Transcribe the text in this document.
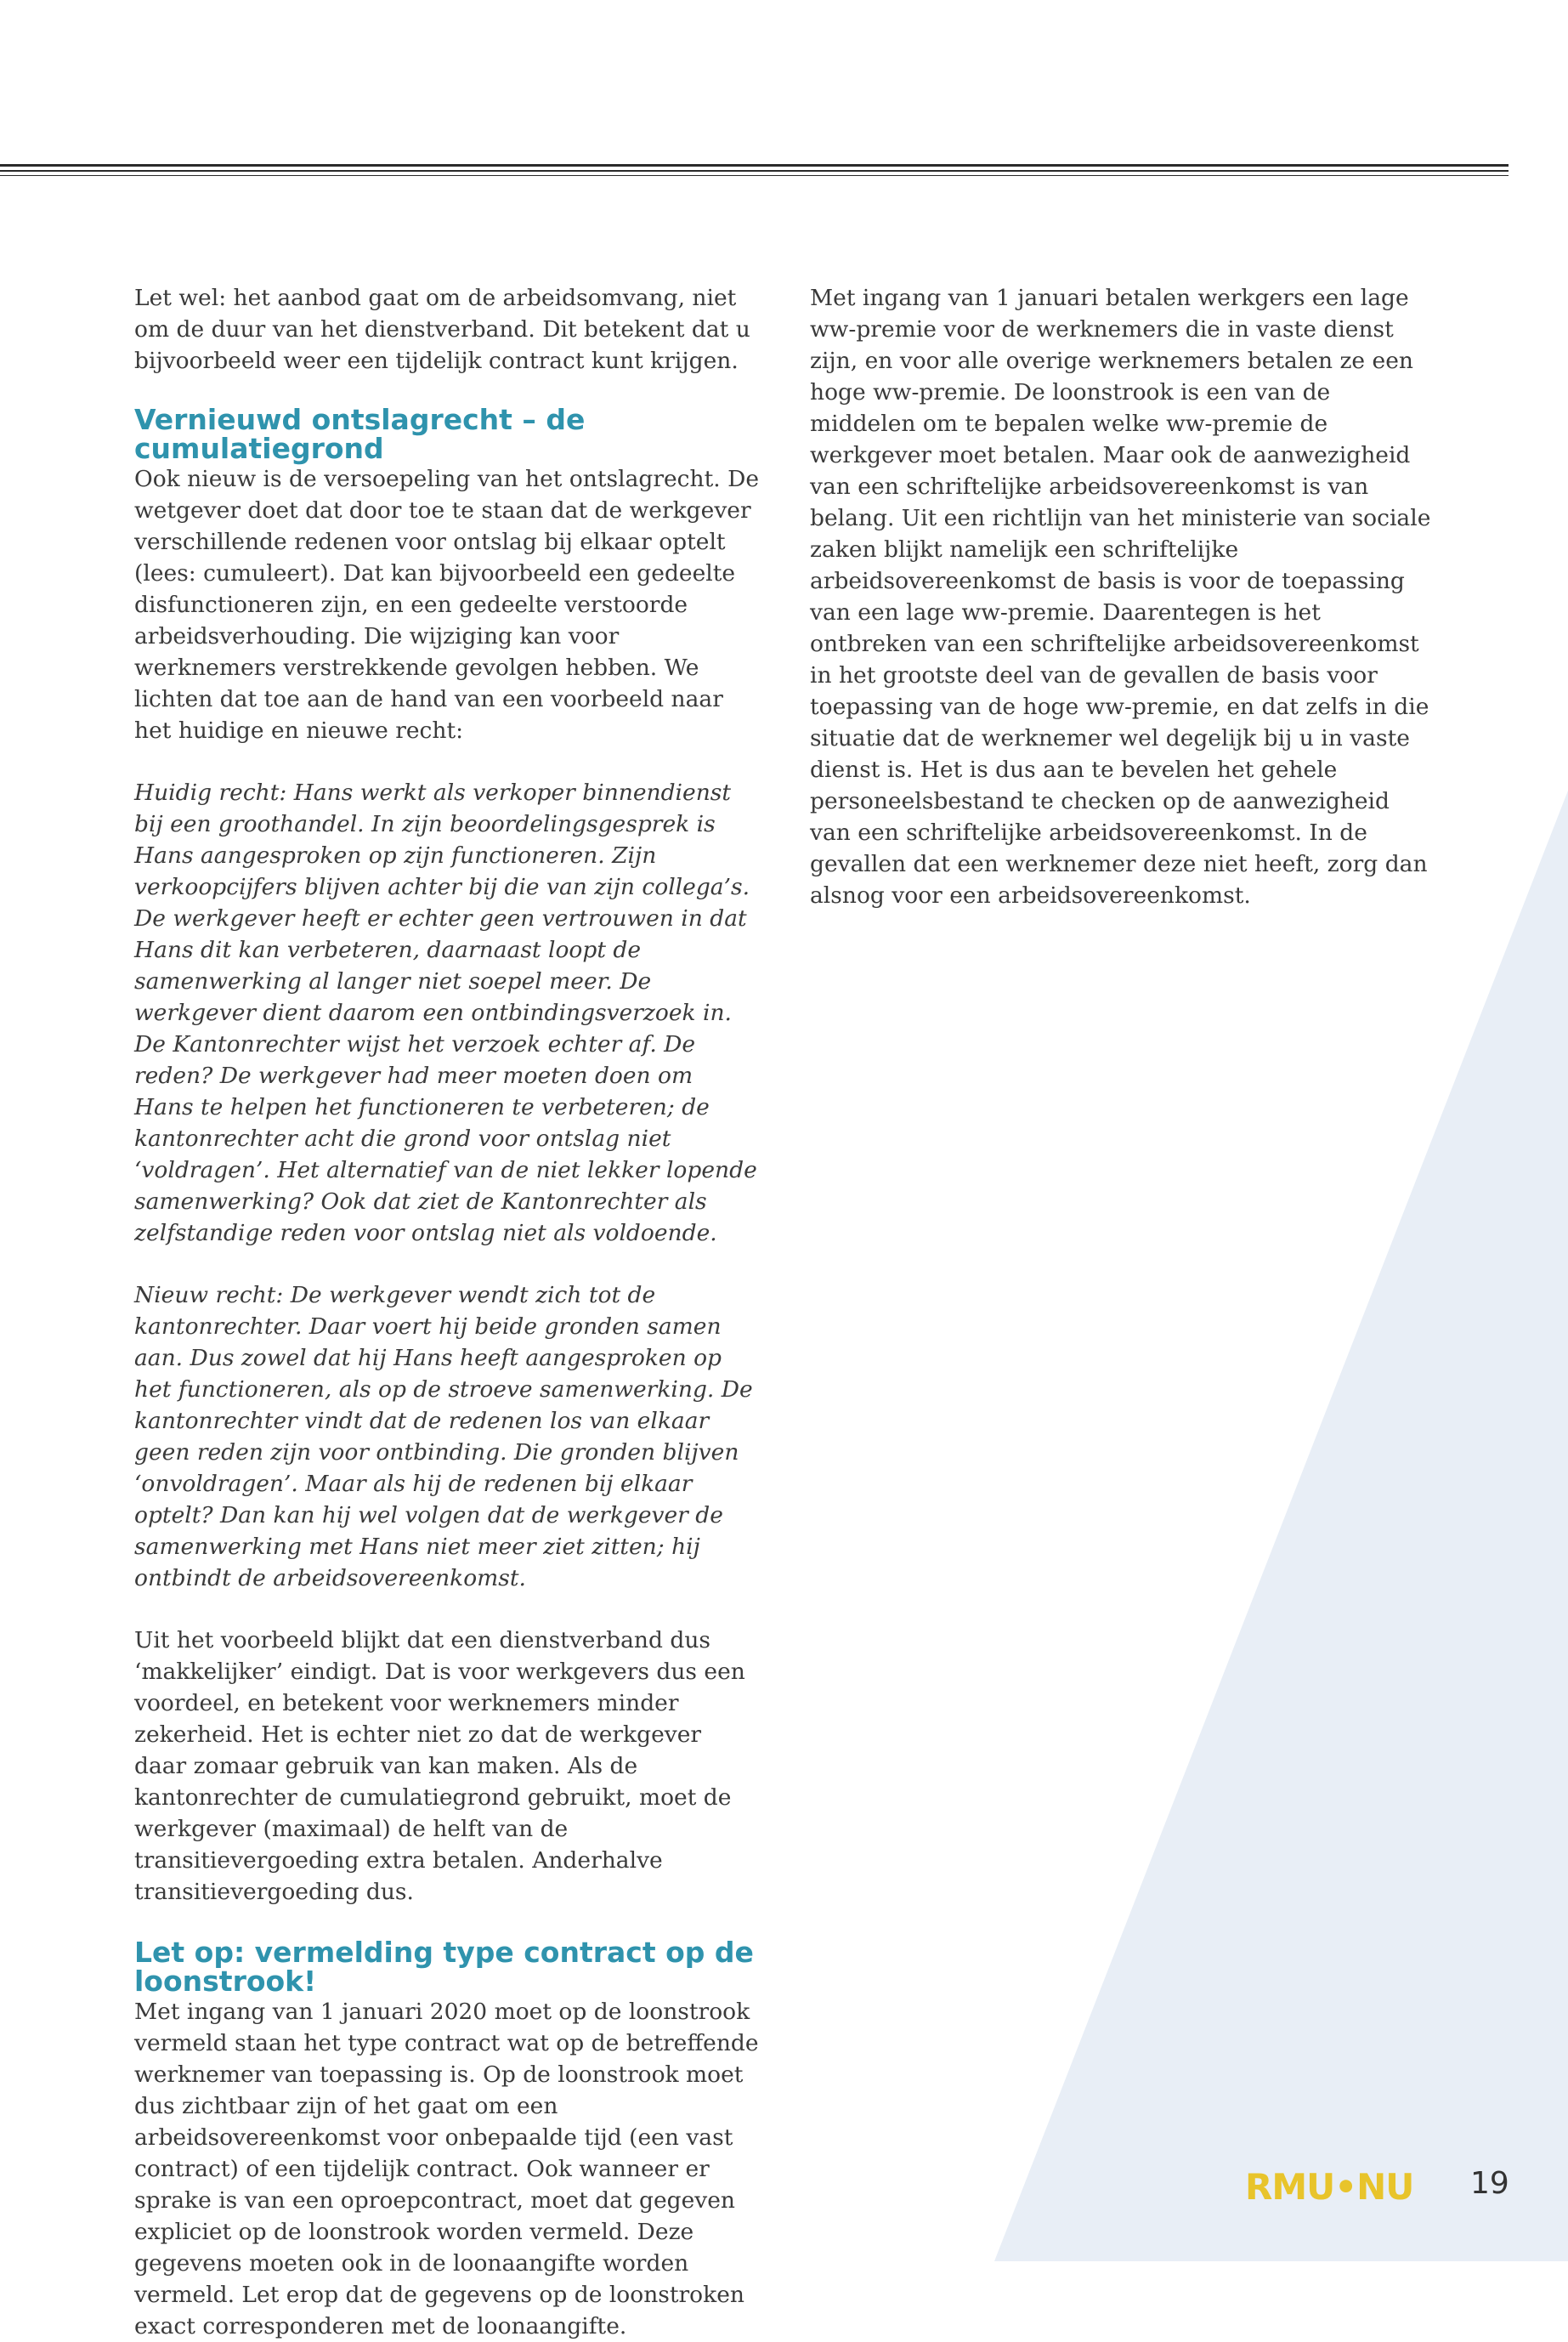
Let wel: het aanbod gaat om de arbeidsomvang, niet om de duur van het dienstverband. Dit betekent dat u bijvoorbeeld weer een tijdelijk contract kunt krijgen.

Vernieuwd ontslagrecht – de cumulatiegrond

Ook nieuw is de versoepeling van het ontslagrecht. De wetgever doet dat door toe te staan dat de werkgever verschillende redenen voor ontslag bij elkaar optelt (lees: cumuleert). Dat kan bijvoorbeeld een gedeelte disfunctioneren zijn, en een gedeelte verstoorde arbeidsverhouding. Die wijziging kan voor werknemers verstrekkende gevolgen hebben. We lichten dat toe aan de hand van een voorbeeld naar het huidige en nieuwe recht:

Huidig recht: Hans werkt als verkoper binnendienst bij een groothandel. In zijn beoordelingsgesprek is Hans aangesproken op zijn functioneren. Zijn verkoopcijfers blijven achter bij die van zijn collega’s. De werkgever heeft er echter geen vertrouwen in dat Hans dit kan verbeteren, daarnaast loopt de samenwerking al langer niet soepel meer. De werkgever dient daarom een ontbindingsverzoek in. De Kantonrechter wijst het verzoek echter af. De reden? De werkgever had meer moeten doen om Hans te helpen het functioneren te verbeteren; de kantonrechter acht die grond voor ontslag niet ‘voldragen’. Het alternatief van de niet lekker lopende samenwerking? Ook dat ziet de Kantonrechter als zelfstandige reden voor ontslag niet als voldoende.

Nieuw recht: De werkgever wendt zich tot de kantonrechter. Daar voert hij beide gronden samen aan. Dus zowel dat hij Hans heeft aangesproken op het functioneren, als op de stroeve samenwerking. De kantonrechter vindt dat de redenen los van elkaar geen reden zijn voor ontbinding. Die gronden blijven ‘onvoldragen’. Maar als hij de redenen bij elkaar optelt? Dan kan hij wel volgen dat de werkgever de samenwerking met Hans niet meer ziet zitten; hij ontbindt de arbeidsovereenkomst.

Uit het voorbeeld blijkt dat een dienstverband dus ‘makkelijker’ eindigt. Dat is voor werkgevers dus een voordeel, en betekent voor werknemers minder zekerheid. Het is echter niet zo dat de werkgever daar zomaar gebruik van kan maken. Als de kantonrechter de cumulatiegrond gebruikt, moet de werkgever (maximaal) de helft van de transitievergoeding extra betalen. Anderhalve transitievergoeding dus.

Let op: vermelding type contract op de loonstrook!

Met ingang van 1 januari 2020 moet op de loonstrook vermeld staan het type contract wat op de betreffende werknemer van toepassing is. Op de loonstrook moet dus zichtbaar zijn of het gaat om een arbeidsovereenkomst voor onbepaalde tijd (een vast contract) of een tijdelijk contract. Ook wanneer er sprake is van een oproepcontract, moet dat gegeven expliciet op de loonstrook worden vermeld. Deze gegevens moeten ook in de loonaangifte worden vermeld. Let erop dat de gegevens op de loonstroken exact corresponderen met de loonaangifte.

Met ingang van 1 januari betalen werkgers een lage ww-premie voor de werknemers die in vaste dienst zijn, en voor alle overige werknemers betalen ze een hoge ww-premie. De loonstrook is een van de middelen om te bepalen welke ww-premie de werkgever moet betalen. Maar ook de aanwezigheid van een schriftelijke arbeidsovereenkomst is van belang. Uit een richtlijn van het ministerie van sociale zaken blijkt namelijk een schriftelijke arbeidsovereenkomst de basis is voor de toepassing van een lage ww-premie. Daarentegen is het ontbreken van een schriftelijke arbeidsovereenkomst in het grootste deel van de gevallen de basis voor toepassing van de hoge ww-premie, en dat zelfs in die situatie dat de werknemer wel degelijk bij u in vaste dienst is. Het is dus aan te bevelen het gehele personeelsbestand te checken op de aanwezigheid van een schriftelijke arbeidsovereenkomst. In de gevallen dat een werknemer deze niet heeft, zorg dan alsnog voor een arbeidsovereenkomst.

RMU•NU 19
